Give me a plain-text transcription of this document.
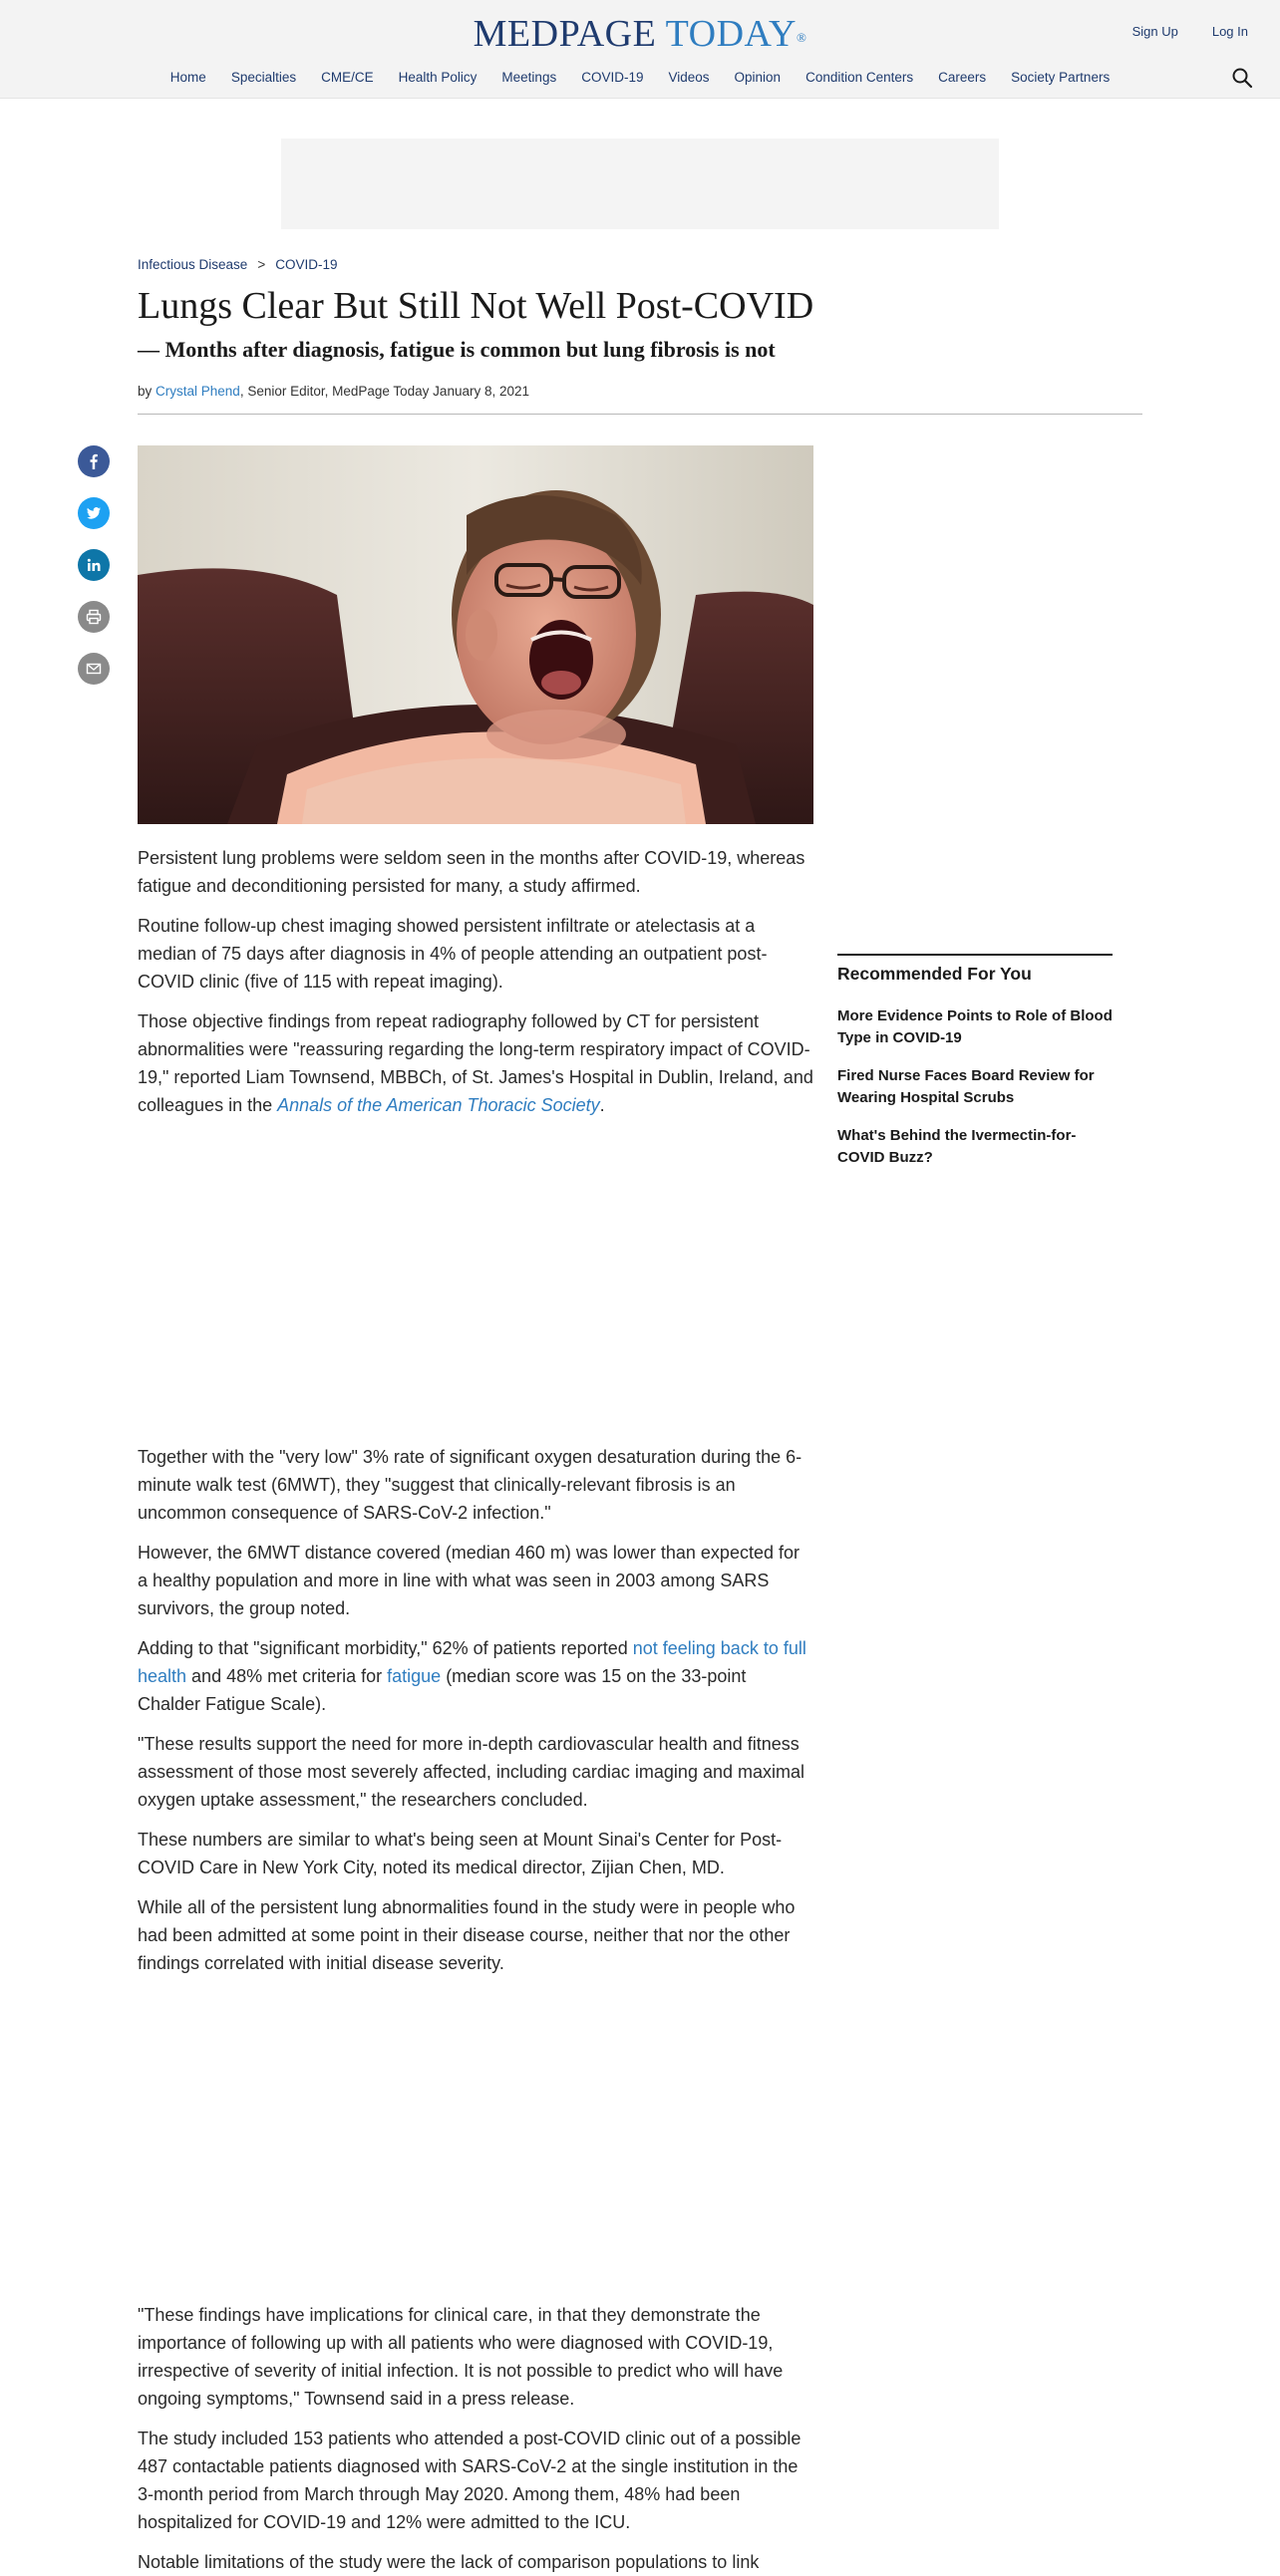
MEDPAGE TODAY®	Sign Up	Log In
Home Specialties CME/CE Health Policy Meetings COVID-19 Videos Opinion Condition Centers Careers Society Partners
Infectious Disease > COVID-19
Lungs Clear But Still Not Well Post-COVID
— Months after diagnosis, fatigue is common but lung fibrosis is not
by Crystal Phend, Senior Editor, MedPage Today January 8, 2021

Persistent lung problems were seldom seen in the months after COVID-19, whereas fatigue and deconditioning persisted for many, a study affirmed.

Routine follow-up chest imaging showed persistent infiltrate or atelectasis at a median of 75 days after diagnosis in 4% of people attending an outpatient post-COVID clinic (five of 115 with repeat imaging).

Those objective findings from repeat radiography followed by CT for persistent abnormalities were "reassuring regarding the long-term respiratory impact of COVID-19," reported Liam Townsend, MBBCh, of St. James's Hospital in Dublin, Ireland, and colleagues in the Annals of the American Thoracic Society.

Together with the "very low" 3% rate of significant oxygen desaturation during the 6-minute walk test (6MWT), they "suggest that clinically-relevant fibrosis is an uncommon consequence of SARS-CoV-2 infection."

However, the 6MWT distance covered (median 460 m) was lower than expected for a healthy population and more in line with what was seen in 2003 among SARS survivors, the group noted.

Adding to that "significant morbidity," 62% of patients reported not feeling back to full health and 48% met criteria for fatigue (median score was 15 on the 33-point Chalder Fatigue Scale).

"These results support the need for more in-depth cardiovascular health and fitness assessment of those most severely affected, including cardiac imaging and maximal oxygen uptake assessment," the researchers concluded.

These numbers are similar to what's being seen at Mount Sinai's Center for Post-COVID Care in New York City, noted its medical director, Zijian Chen, MD.

While all of the persistent lung abnormalities found in the study were in people who had been admitted at some point in their disease course, neither that nor the other findings correlated with initial disease severity.

"These findings have implications for clinical care, in that they demonstrate the importance of following up with all patients who were diagnosed with COVID-19, irrespective of severity of initial infection. It is not possible to predict who will have ongoing symptoms," Townsend said in a press release.

The study included 153 patients who attended a post-COVID clinic out of a possible 487 contactable patients diagnosed with SARS-CoV-2 at the single institution in the 3-month period from March through May 2020. Among them, 48% had been hospitalized for COVID-19 and 12% were admitted to the ICU.

Notable limitations of the study were the lack of comparison populations to link

Recommended For You
More Evidence Points to Role of Blood Type in COVID-19
Fired Nurse Faces Board Review for Wearing Hospital Scrubs
What's Behind the Ivermectin-for-COVID Buzz?
